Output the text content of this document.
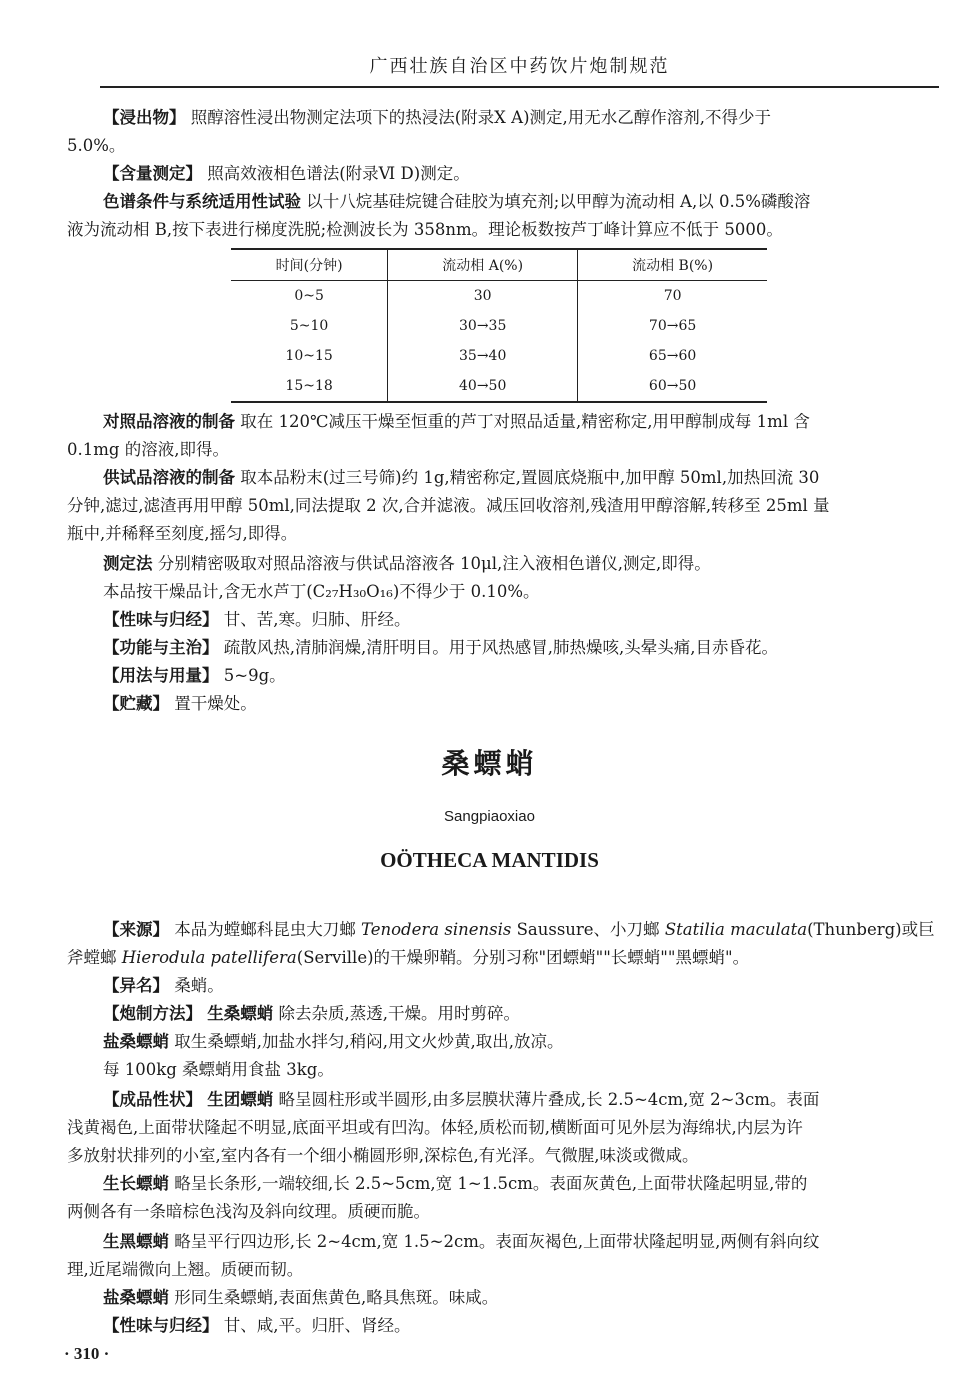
广西壮族自治区中药饮片炮制规范
【浸出物】 照醇溶性浸出物测定法项下的热浸法(附录Ⅹ A)测定,用无水乙醇作溶剂,不得少于
5.0%。
【含量测定】 照高效液相色谱法(附录Ⅵ D)测定。
色谱条件与系统适用性试验 以十八烷基硅烷键合硅胶为填充剂;以甲醇为流动相 A,以 0.5%磷酸溶
液为流动相 B,按下表进行梯度洗脱;检测波长为 358nm。理论板数按芦丁峰计算应不低于 5000。
时间(分钟)	流动相 A(%)	流动相 B(%)
0~5	30	70
5~10	30→35	70→65
10~15	35→40	65→60
15~18	40→50	60→50
对照品溶液的制备 取在 120℃减压干燥至恒重的芦丁对照品适量,精密称定,用甲醇制成每 1ml 含
0.1mg 的溶液,即得。
供试品溶液的制备 取本品粉末(过三号筛)约 1g,精密称定,置圆底烧瓶中,加甲醇 50ml,加热回流 30
分钟,滤过,滤渣再用甲醇 50ml,同法提取 2 次,合并滤液。减压回收溶剂,残渣用甲醇溶解,转移至 25ml 量
瓶中,并稀释至刻度,摇匀,即得。
测定法 分别精密吸取对照品溶液与供试品溶液各 10μl,注入液相色谱仪,测定,即得。
本品按干燥品计,含无水芦丁(C₂₇H₃₀O₁₆)不得少于 0.10%。
【性味与归经】 甘、苦,寒。归肺、肝经。
【功能与主治】 疏散风热,清肺润燥,清肝明目。用于风热感冒,肺热燥咳,头晕头痛,目赤昏花。
【用法与用量】 5~9g。
【贮藏】 置干燥处。
桑螵蛸
Sangpiaoxiao
OÖTHECA MANTIDIS
【来源】 本品为螳螂科昆虫大刀螂 Tenodera sinensis Saussure、小刀螂 Statilia maculata(Thunberg)或巨
斧螳螂 Hierodula patellifera(Serville)的干燥卵鞘。分别习称"团螵蛸""长螵蛸""黑螵蛸"。
【异名】 桑蛸。
【炮制方法】 生桑螵蛸 除去杂质,蒸透,干燥。用时剪碎。
盐桑螵蛸 取生桑螵蛸,加盐水拌匀,稍闷,用文火炒黄,取出,放凉。
每 100kg 桑螵蛸用食盐 3kg。
【成品性状】 生团螵蛸 略呈圆柱形或半圆形,由多层膜状薄片叠成,长 2.5~4cm,宽 2~3cm。表面
浅黄褐色,上面带状隆起不明显,底面平坦或有凹沟。体轻,质松而韧,横断面可见外层为海绵状,内层为许
多放射状排列的小室,室内各有一个细小椭圆形卵,深棕色,有光泽。气微腥,味淡或微咸。
生长螵蛸 略呈长条形,一端较细,长 2.5~5cm,宽 1~1.5cm。表面灰黄色,上面带状隆起明显,带的
两侧各有一条暗棕色浅沟及斜向纹理。质硬而脆。
生黑螵蛸 略呈平行四边形,长 2~4cm,宽 1.5~2cm。表面灰褐色,上面带状隆起明显,两侧有斜向纹
理,近尾端微向上翘。质硬而韧。
盐桑螵蛸 形同生桑螵蛸,表面焦黄色,略具焦斑。味咸。
【性味与归经】 甘、咸,平。归肝、肾经。
· 310 ·
